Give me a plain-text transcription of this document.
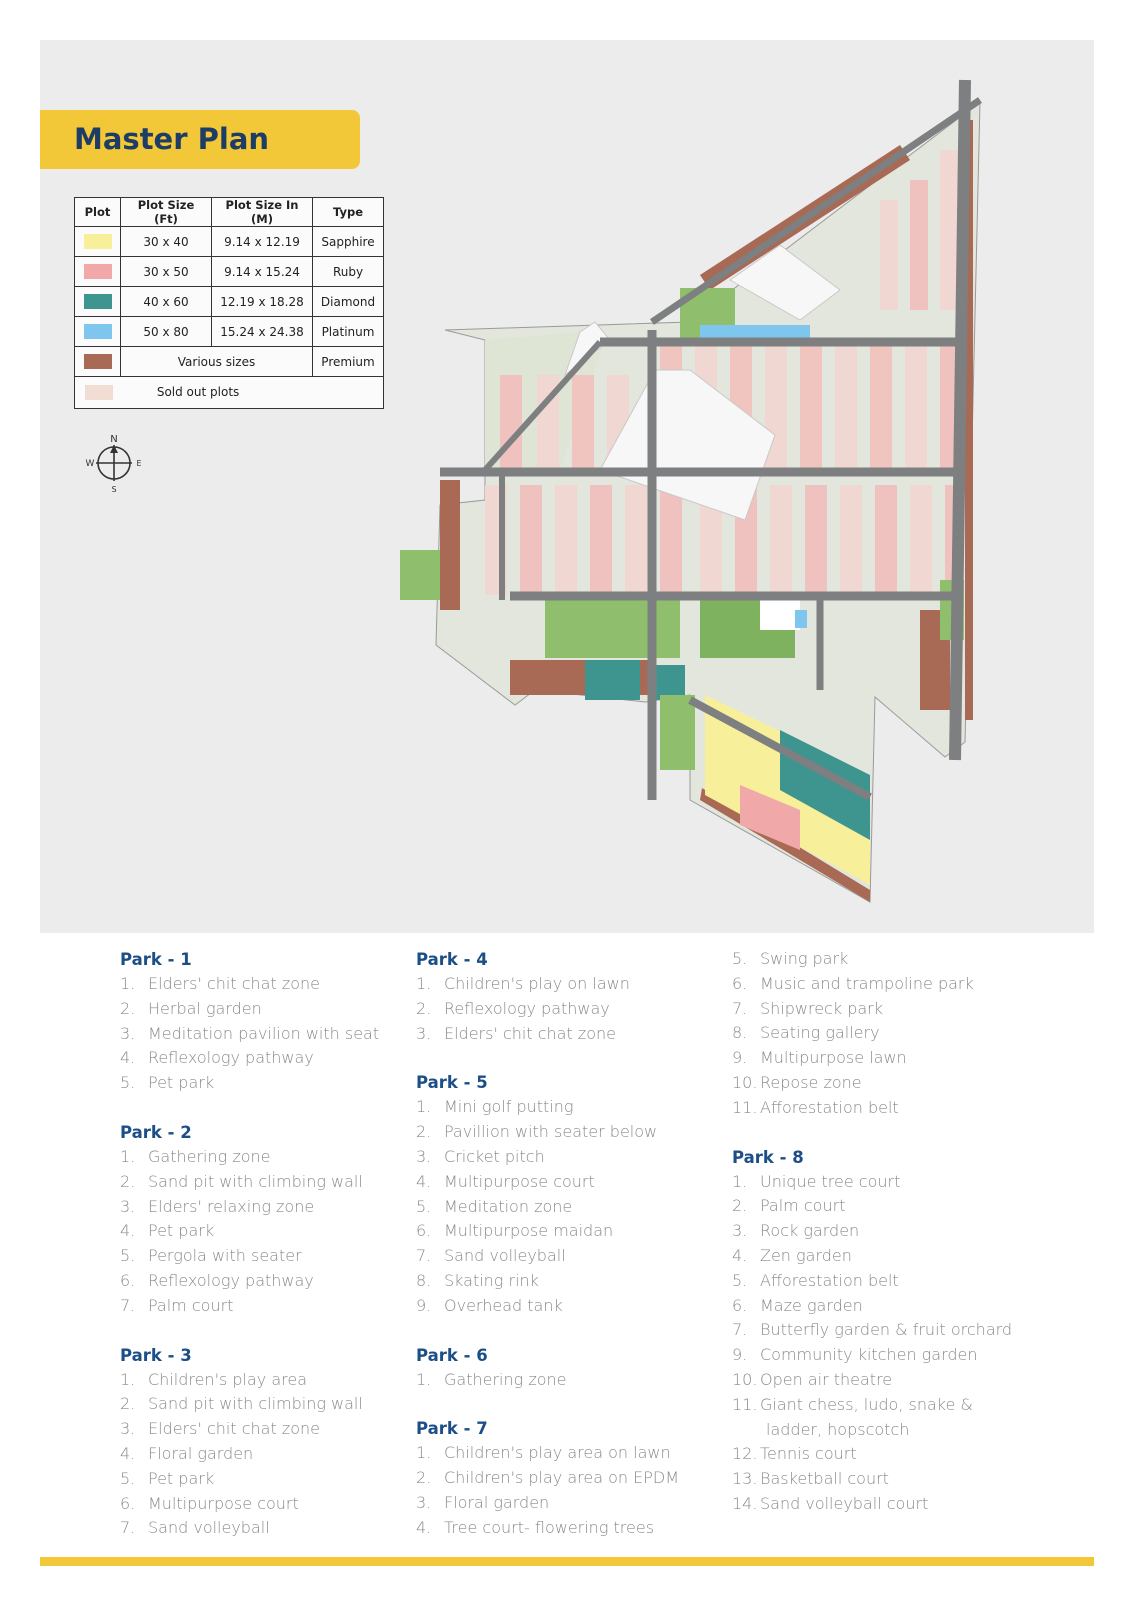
Master Plan
Plot	Plot Size (Ft)	Plot Size In (M)	Type
	30 x 40	9.14 x 12.19	Sapphire
	30 x 50	9.14 x 15.24	Ruby
	40 x 60	12.19 x 18.28	Diamond
	50 x 80	15.24 x 24.38	Platinum
	Various sizes		Premium
Sold out plots			
N
S
E
W
Park - 1
1. Elders' chit chat zone
2. Herbal garden
3. Meditation pavilion with seat
4. Reflexology pathway
5. Pet park
Park - 2
1. Gathering zone
2. Sand pit with climbing wall
3. Elders' relaxing zone
4. Pet park
5. Pergola with seater
6. Reflexology pathway
7. Palm court
Park - 3
1. Children's play area
2. Sand pit with climbing wall
3. Elders' chit chat zone
4. Floral garden
5. Pet park
6. Multipurpose court
7. Sand volleyball
Park - 4
1. Children's play on lawn
2. Reflexology pathway
3. Elders' chit chat zone
Park - 5
1. Mini golf putting
2. Pavillion with seater below
3. Cricket pitch
4. Multipurpose court
5. Meditation zone
6. Multipurpose maidan
7. Sand volleyball
8. Skating rink
9. Overhead tank
Park - 6
1. Gathering zone
Park - 7
1. Children's play area on lawn
2. Children's play area on EPDM
3. Floral garden
4. Tree court- flowering trees
5. Swing park
6. Music and trampoline park
7. Shipwreck park
8. Seating gallery
9. Multipurpose lawn
10. Repose zone
11. Afforestation belt
Park - 8
1. Unique tree court
2. Palm court
3. Rock garden
4. Zen garden
5. Afforestation belt
6. Maze garden
7. Butterfly garden & fruit orchard
9. Community kitchen garden
10. Open air theatre
11. Giant chess, ludo, snake &
ladder, hopscotch
12. Tennis court
13. Basketball court
14. Sand volleyball court
